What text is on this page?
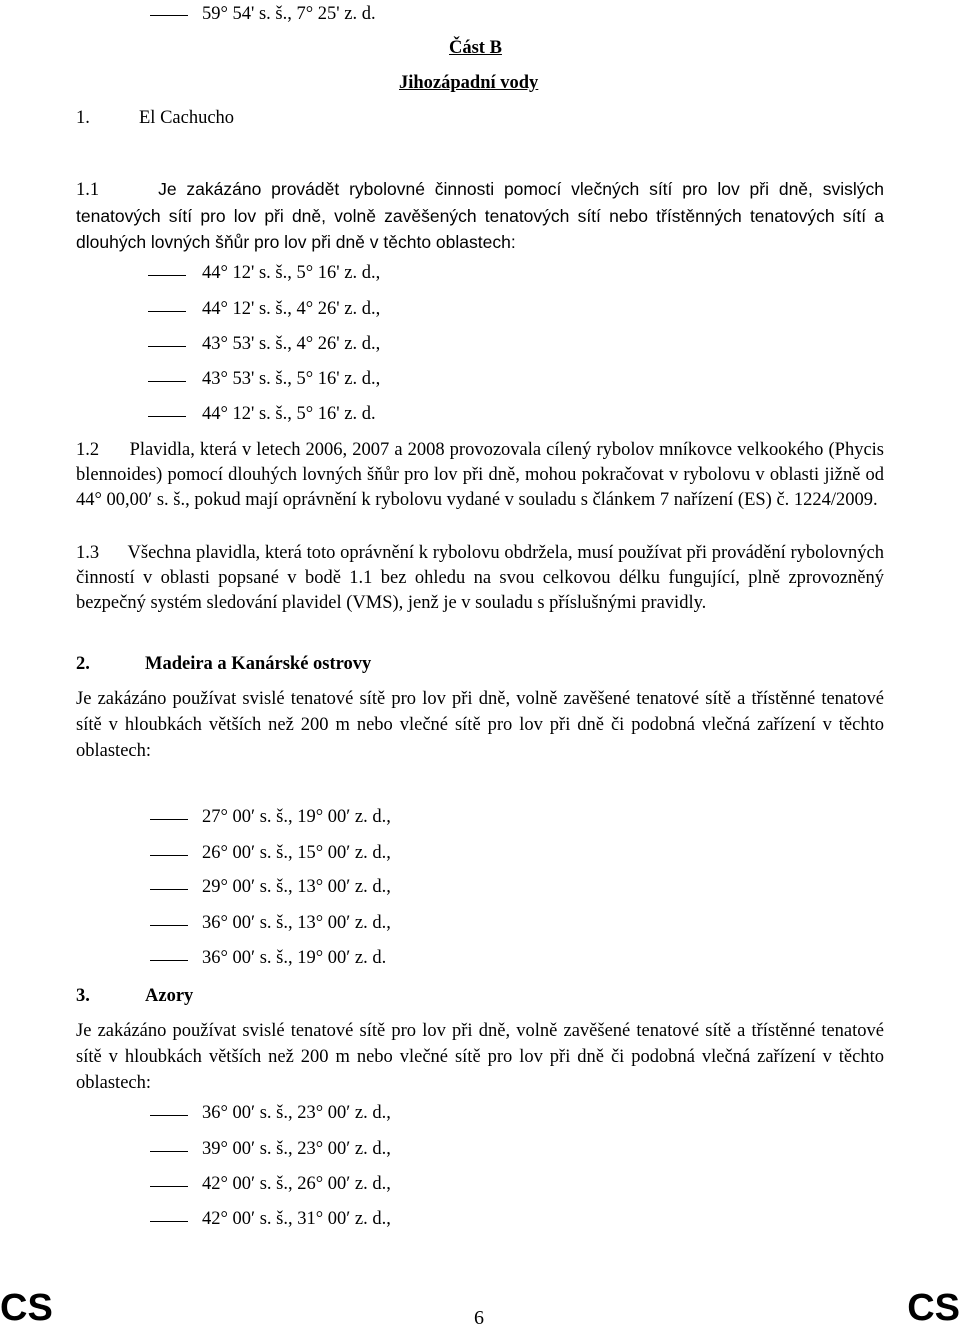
59° 54' s. š., 7° 25' z. d.
Část B
Jihozápadní vody
1.	El Cachucho
1.1	Je zakázáno provádět rybolovné činnosti pomocí vlečných sítí pro lov při dně, svislých tenatových sítí pro lov při dně, volně zavěšených tenatových sítí nebo třístěnných tenatových sítí a dlouhých lovných šňůr pro lov při dně v těchto oblastech:
44° 12' s. š., 5° 16' z. d.,
44° 12' s. š., 4° 26' z. d.,
43° 53' s. š., 4° 26' z. d.,
43° 53' s. š., 5° 16' z. d.,
44° 12' s. š., 5° 16' z. d.
1.2 Plavidla, která v letech 2006, 2007 a 2008 provozovala cílený rybolov mníkovce velkookého (Phycis blennoides) pomocí dlouhých lovných šňůr pro lov při dně, mohou pokračovat v rybolovu v oblasti jižně od 44° 00,00′ s. š., pokud mají oprávnění k rybolovu vydané v souladu s článkem 7 nařízení (ES) č. 1224/2009.
1.3 Všechna plavidla, která toto oprávnění k rybolovu obdržela, musí používat při provádění rybolovných činností v oblasti popsané v bodě 1.1 bez ohledu na svou celkovou délku fungující, plně zprovozněný bezpečný systém sledování plavidel (VMS), jenž je v souladu s příslušnými pravidly.
2.	Madeira a Kanárské ostrovy
Je zakázáno používat svislé tenatové sítě pro lov při dně, volně zavěšené tenatové sítě a třístěnné tenatové sítě v hloubkách větších než 200 m nebo vlečné sítě pro lov při dně či podobná vlečná zařízení v těchto oblastech:
27° 00′ s. š., 19° 00′ z. d.,
26° 00′ s. š., 15° 00′ z. d.,
29° 00′ s. š., 13° 00′ z. d.,
36° 00′ s. š., 13° 00′ z. d.,
36° 00′ s. š., 19° 00′ z. d.
3.	Azory
Je zakázáno používat svislé tenatové sítě pro lov při dně, volně zavěšené tenatové sítě a třístěnné tenatové sítě v hloubkách větších než 200 m nebo vlečné sítě pro lov při dně či podobná vlečná zařízení v těchto oblastech:
36° 00′ s. š., 23° 00′ z. d.,
39° 00′ s. š., 23° 00′ z. d.,
42° 00′ s. š., 26° 00′ z. d.,
42° 00′ s. š., 31° 00′ z. d.,
CS	6	CS
